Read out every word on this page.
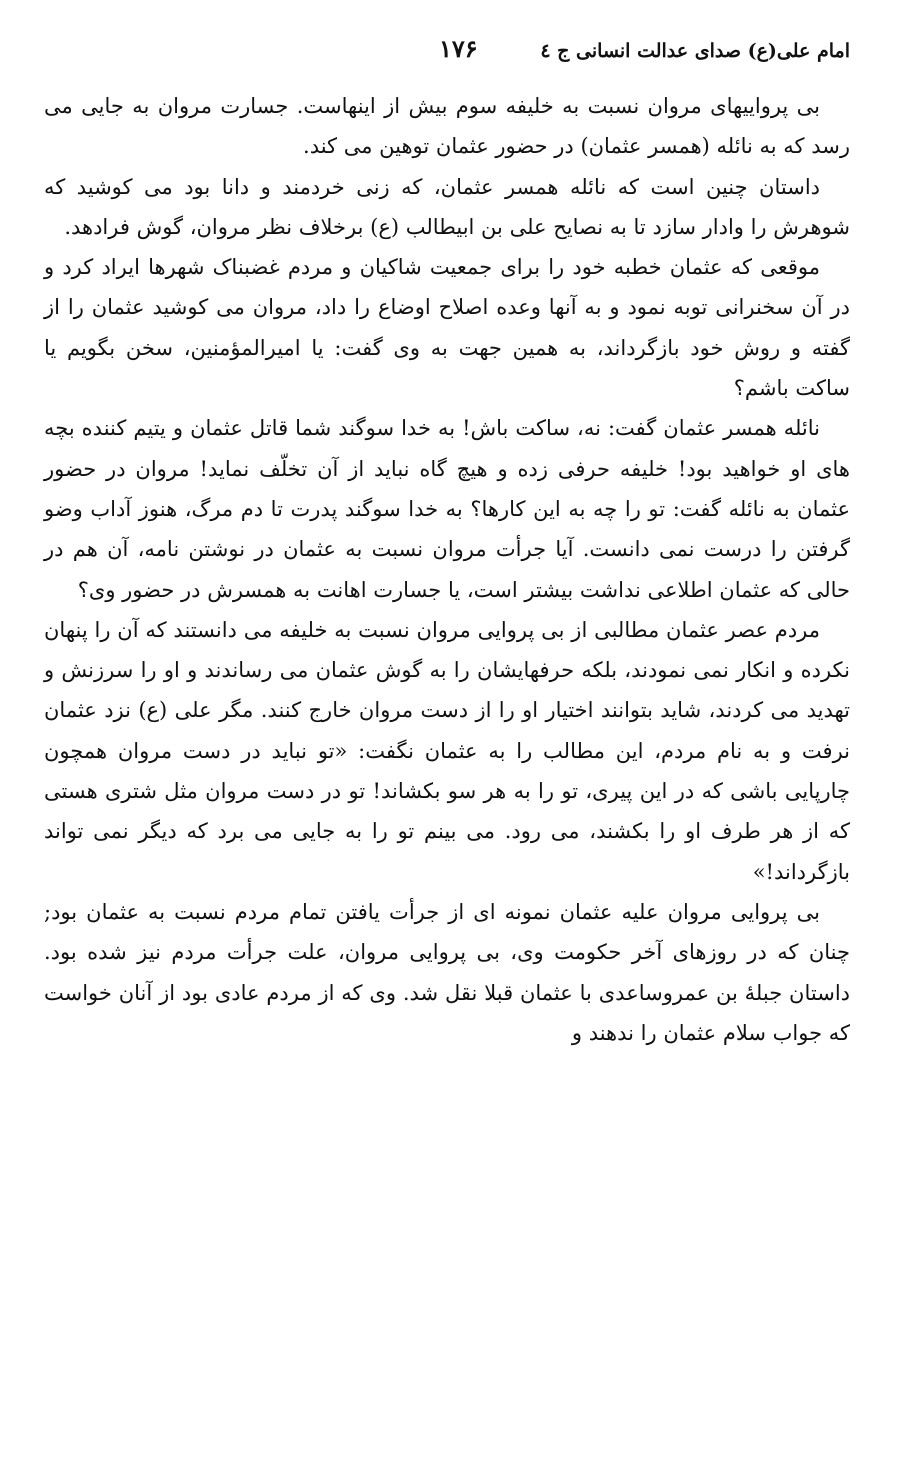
امام علی(ع) صدای عدالت انسانی ج ٤
۱۷۶

بی پرواییهای مروان نسبت به خلیفه سوم بیش از اینهاست. جسارت مروان به جایی می رسد که به نائله (همسر عثمان) در حضور عثمان توهین می کند.

داستان چنین است که نائله همسر عثمان، که زنی خردمند و دانا بود می کوشید که شوهرش را وادار سازد تا به نصایح علی بن ابیطالب (ع) برخلاف نظر مروان، گوش فرادهد.

موقعی که عثمان خطبه خود را برای جمعیت شاکیان و مردم غضبناک شهرها ایراد کرد و در آن سخنرانی توبه نمود و به آنها وعده اصلاح اوضاع را داد، مروان می کوشید عثمان را از گفته و روش خود بازگرداند، به همین جهت به وی گفت: یا امیرالمؤمنین، سخن بگویم یا ساکت باشم؟

نائله همسر عثمان گفت: نه، ساکت باش! به خدا سوگند شما قاتل عثمان و یتیم کننده بچه های او خواهید بود! خلیفه حرفی زده و هیچ گاه نباید از آن تخلّف نماید! مروان در حضور عثمان به نائله گفت: تو را چه به این کارها؟ به خدا سوگند پدرت تا دم مرگ، هنوز آداب وضو گرفتن را درست نمی دانست. آیا جرأت مروان نسبت به عثمان در نوشتن نامه، آن هم در حالی که عثمان اطلاعی نداشت بیشتر است، یا جسارت اهانت به همسرش در حضور وی؟

مردم عصر عثمان مطالبی از بی پروایی مروان نسبت به خلیفه می دانستند که آن را پنهان نکرده و انکار نمی نمودند، بلکه حرفهایشان را به گوش عثمان می رساندند و او را سرزنش و تهدید می کردند، شاید بتوانند اختیار او را از دست مروان خارج کنند. مگر علی (ع) نزد عثمان نرفت و به نام مردم، این مطالب را به عثمان نگفت: «تو نباید در دست مروان همچون چارپایی باشی که در این پیری، تو را به هر سو بکشاند! تو در دست مروان مثل شتری هستی که از هر طرف او را بکشند، می رود. می بینم تو را به جایی می برد که دیگر نمی تواند بازگرداند!»

بی پروایی مروان علیه عثمان نمونه ای از جرأت یافتن تمام مردم نسبت به عثمان بود; چنان که در روزهای آخر حکومت وی، بی پروایی مروان، علت جرأت مردم نیز شده بود. داستان جبلهٔ بن عمروساعدی با عثمان قبلا نقل شد. وی که از مردم عادی بود از آنان خواست که جواب سلام عثمان را ندهند و
